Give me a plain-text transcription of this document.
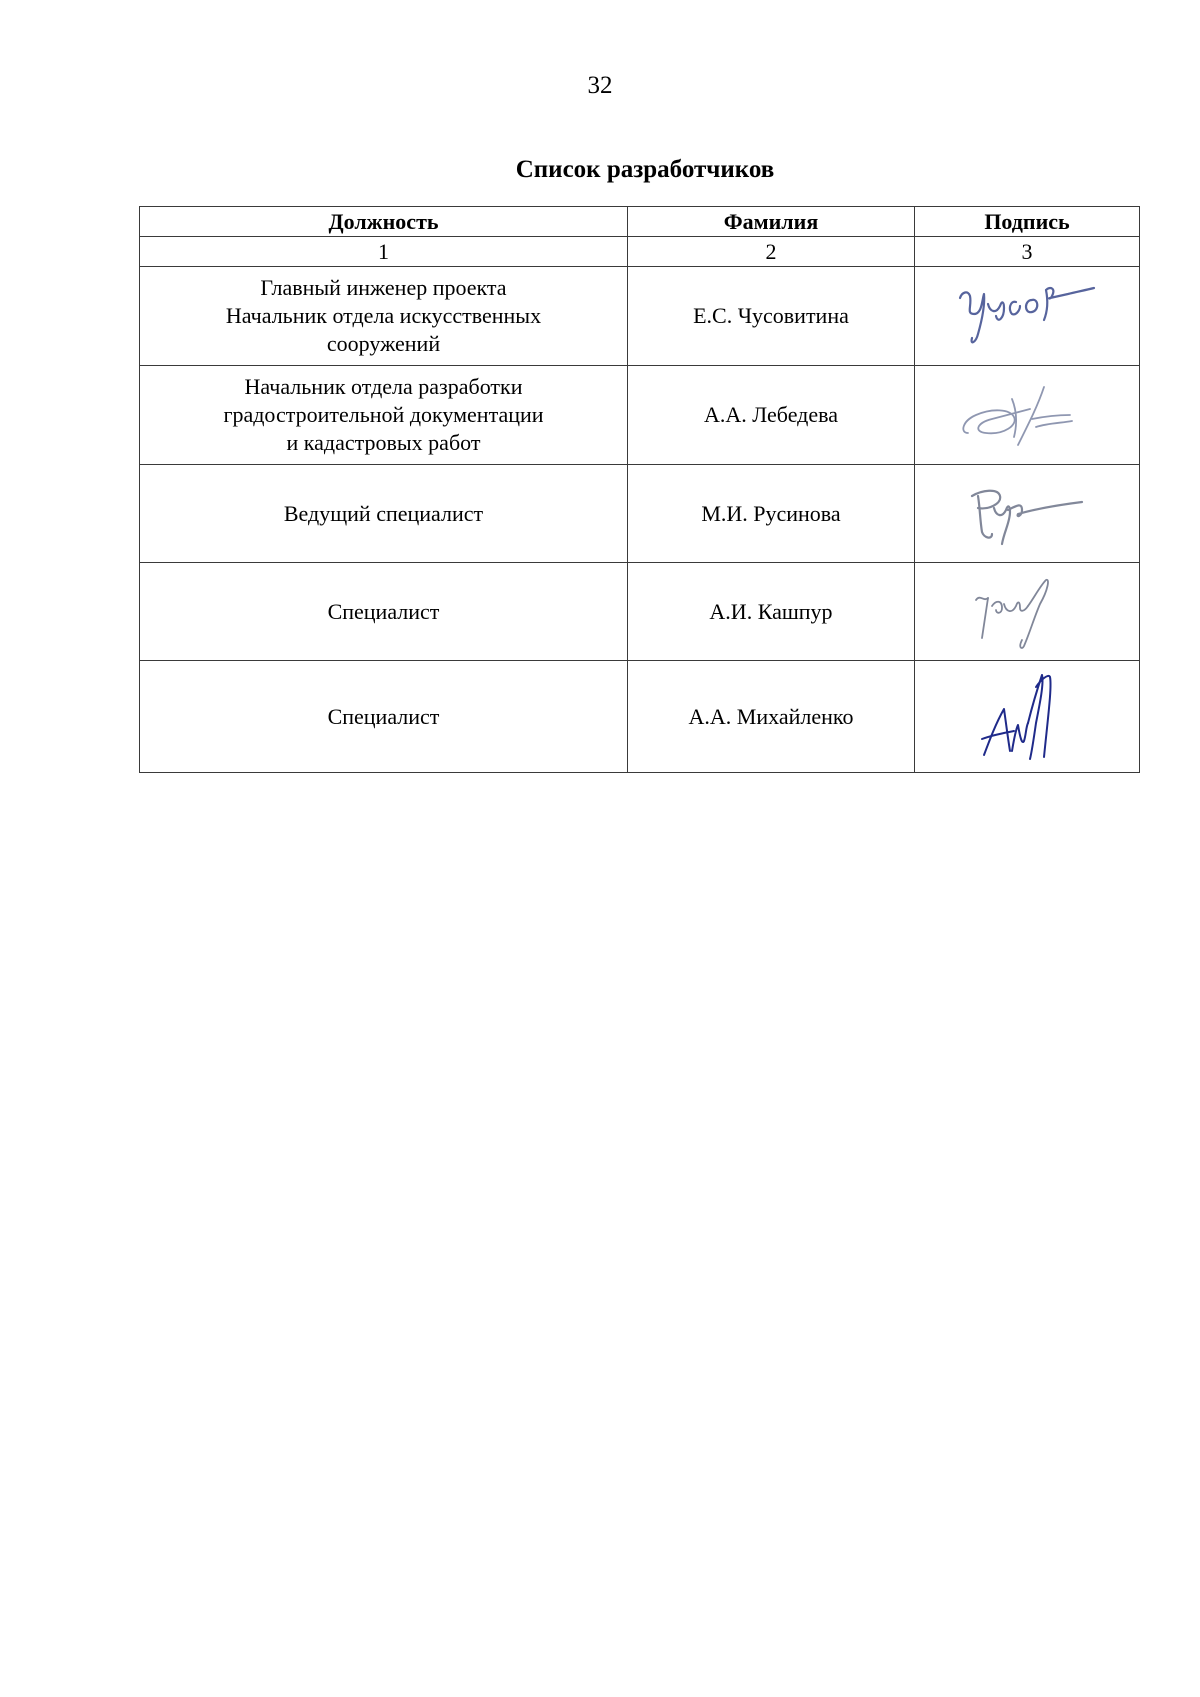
32
Список разработчиков
Должность	Фамилия	Подпись
1	2	3

Главный инженер проекта
Начальник отдела искусственных
сооружений	Е.С. Чусовитина	

Начальник отдела разработки
градостроительной документации
и кадастровых работ	А.А. Лебедева	

Ведущий специалист	М.И. Русинова	

Специалист	А.И. Кашпур	

Специалист	А.А. Михайленко	
